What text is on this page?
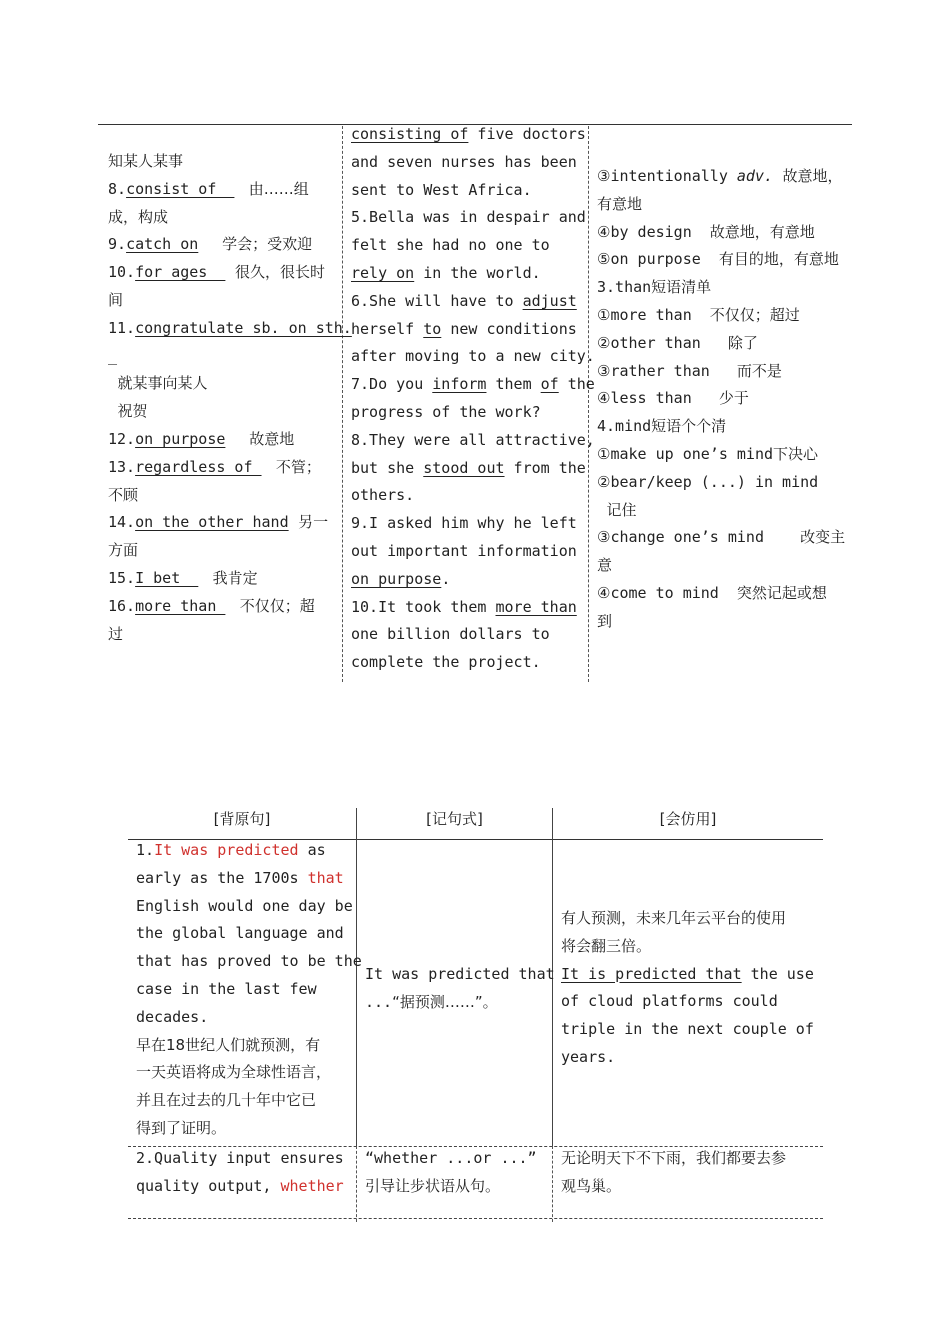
知某人某事
8.consist of     由……组
成，构成
9.catch on     学会；受欢迎
10.for ages    很久，很长时
间
11.congratulate sb. on sth.
_
就某事向某人
祝贺
12.on purpose     故意地
13.regardless of    不管；
不顾
14.on the other hand  另一
方面
15.I bet     我肯定
16.more than    不仅仅；超
过
consisting of five doctors
and seven nurses has been
sent to West Africa.
5.Bella was in despair and
felt she had no one to
rely on in the world.
6.She will have to adjust
herself to new conditions
after moving to a new city.
7.Do you inform them of the
progress of the work?
8.They were all attractive,
but she stood out from the
others.
9.I asked him why he left
out important information
on purpose.
10.It took them more than
one billion dollars to
complete the project.
③intentionally adv.  故意地，
有意地
④by design  故意地，有意地
⑤on purpose  有目的地，有意地
3.than短语清单
①more than  不仅仅；超过
②other than   除了
③rather than   而不是
④less than   少于
4.mind短语个个清
①make up one’s mind下决心
②bear/keep (...) in mind
记住
③change one’s mind    改变主
意
④come to mind  突然记起或想
到
[背原句]	[记句式]	[会仿用]
1.It was predicted as
early as the 1700s that
English would one day be
the global language and
that has proved to be the
case in the last few
decades.
早在18世纪人们就预测，有
一天英语将成为全球性语言，
并且在过去的几十年中它已
得到了证明。
It was predicted that
...“据预测……”。
有人预测，未来几年云平台的使用
将会翻三倍。
It is predicted that the use
of cloud platforms could
triple in the next couple of
years.
2.Quality input ensures
quality output, whether
“whether ...or ...”
引导让步状语从句。
无论明天下不下雨，我们都要去参
观鸟巢。
